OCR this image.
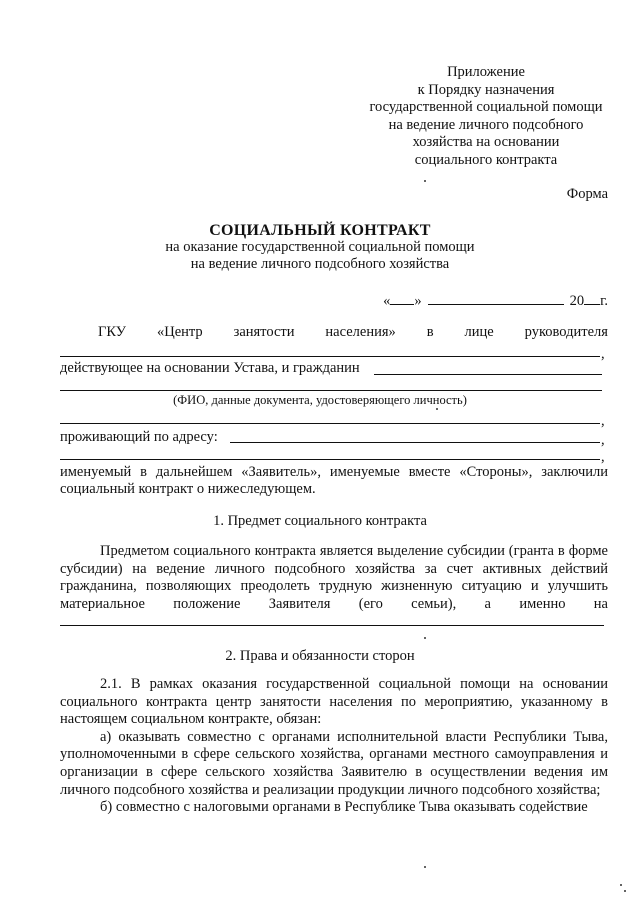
Приложение
к Порядку назначения
государственной социальной помощи
на ведение личного подсобного
хозяйства на основании
социального контракта
Форма
СОЦИАЛЬНЫЙ КОНТРАКТ
на оказание государственной социальной помощи
на ведение личного подсобного хозяйства
« »	20 г.
ГКУ «Центр занятости населения» в лице руководителя
,
действующее на основании Устава, и гражданин
(ФИО, данные документа, удостоверяющего личность)
,
проживающий по адресу:	,
,
именуемый в дальнейшем «Заявитель», именуемые вместе «Стороны», заключили
социальный контракт о нижеследующем.
1. Предмет социального контракта

Предметом социального контракта является выделение субсидии (гранта в форме субсидии) на ведение личного подсобного хозяйства за счет активных действий гражданина, позволяющих преодолеть трудную жизненную ситуацию и улучшить материальное положение Заявителя (его семьи), а именно на

2. Права и обязанности сторон

2.1. В рамках оказания государственной социальной помощи на основании социального контракта центр занятости населения по мероприятию, указанному в настоящем социальном контракте, обязан:

а) оказывать совместно с органами исполнительной власти Республики Тыва, уполномоченными в сфере сельского хозяйства, органами местного самоуправления и организации в сфере сельского хозяйства Заявителю в осуществлении ведения им личного подсобного хозяйства и реализации продукции личного подсобного хозяйства;

б) совместно с налоговыми органами в Республике Тыва оказывать содействие
